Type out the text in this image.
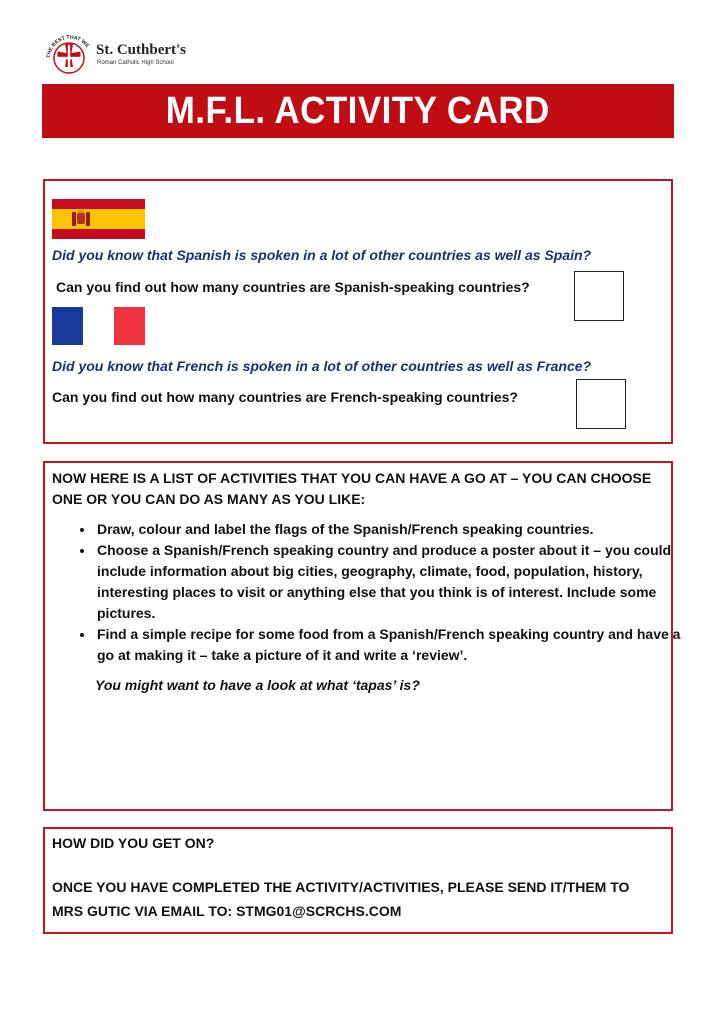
THE BEST THAT WE St. Cuthbert's
Roman Catholic High School
M.F.L. ACTIVITY CARD
Did you know that Spanish is spoken in a lot of other countries as well as Spain?
Can you find out how many countries are Spanish-speaking countries?
Did you know that French is spoken in a lot of other countries as well as France?
Can you find out how many countries are French-speaking countries?
NOW HERE IS A LIST OF ACTIVITIES THAT YOU CAN HAVE A GO AT – YOU CAN CHOOSE ONE OR YOU CAN DO AS MANY AS YOU LIKE:
• Draw, colour and label the flags of the Spanish/French speaking countries.
• Choose a Spanish/French speaking country and produce a poster about it – you could include information about big cities, geography, climate, food, population, history, interesting places to visit or anything else that you think is of interest. Include some pictures.
• Find a simple recipe for some food from a Spanish/French speaking country and have a go at making it – take a picture of it and write a ‘review’.
You might want to have a look at what ‘tapas’ is?
HOW DID YOU GET ON?
ONCE YOU HAVE COMPLETED THE ACTIVITY/ACTIVITIES, PLEASE SEND IT/THEM TO MRS GUTIC VIA EMAIL TO: STMG01@SCRCHS.COM
